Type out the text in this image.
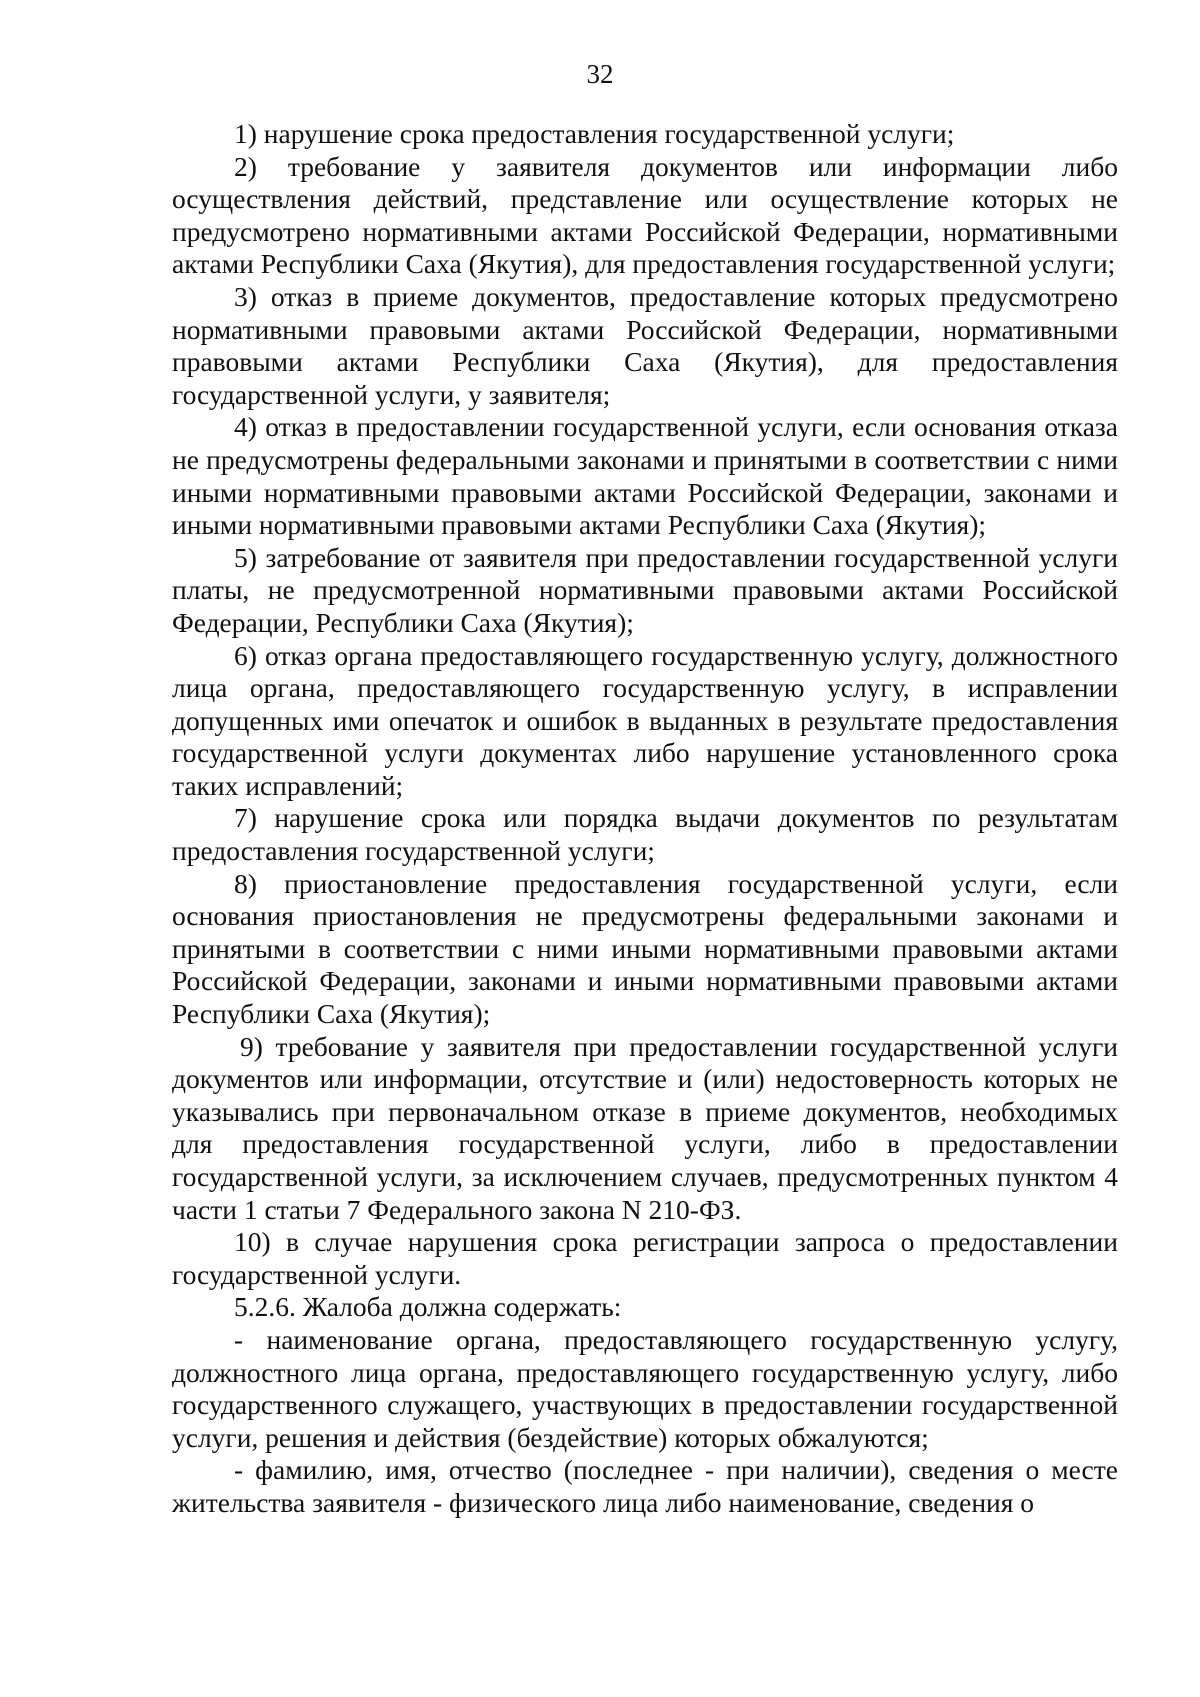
32

1) нарушение срока предоставления государственной услуги;

2) требование у заявителя документов или информации либо осуществления действий, представление или осуществление которых не предусмотрено нормативными актами Российской Федерации, нормативными актами Республики Саха (Якутия), для предоставления государственной услуги;

3) отказ в приеме документов, предоставление которых предусмотрено нормативными правовыми актами Российской Федерации, нормативными правовыми актами Республики Саха (Якутия), для предоставления государственной услуги, у заявителя;

4) отказ в предоставлении государственной услуги, если основания отказа не предусмотрены федеральными законами и принятыми в соответствии с ними иными нормативными правовыми актами Российской Федерации, законами и иными нормативными правовыми актами Республики Саха (Якутия);

5) затребование от заявителя при предоставлении государственной услуги платы, не предусмотренной нормативными правовыми актами Российской Федерации, Республики Саха (Якутия);

6) отказ органа предоставляющего государственную услугу, должностного лица органа, предоставляющего государственную услугу, в исправлении допущенных ими опечаток и ошибок в выданных в результате предоставления государственной услуги документах либо нарушение установленного срока таких исправлений;

7) нарушение срока или порядка выдачи документов по результатам предоставления государственной услуги;

8) приостановление предоставления государственной услуги, если основания приостановления не предусмотрены федеральными законами и принятыми в соответствии с ними иными нормативными правовыми актами Российской Федерации, законами и иными нормативными правовыми актами Республики Саха (Якутия);

9) требование у заявителя при предоставлении государственной услуги документов или информации, отсутствие и (или) недостоверность которых не указывались при первоначальном отказе в приеме документов, необходимых для предоставления государственной услуги, либо в предоставлении государственной услуги, за исключением случаев, предусмотренных пунктом 4 части 1 статьи 7 Федерального закона N 210-ФЗ.

10) в случае нарушения срока регистрации запроса о предоставлении государственной услуги.

5.2.6. Жалоба должна содержать:

- наименование органа, предоставляющего государственную услугу, должностного лица органа, предоставляющего государственную услугу, либо государственного служащего, участвующих в предоставлении государственной услуги, решения и действия (бездействие) которых обжалуются;

- фамилию, имя, отчество (последнее - при наличии), сведения о месте жительства заявителя - физического лица либо наименование, сведения о
